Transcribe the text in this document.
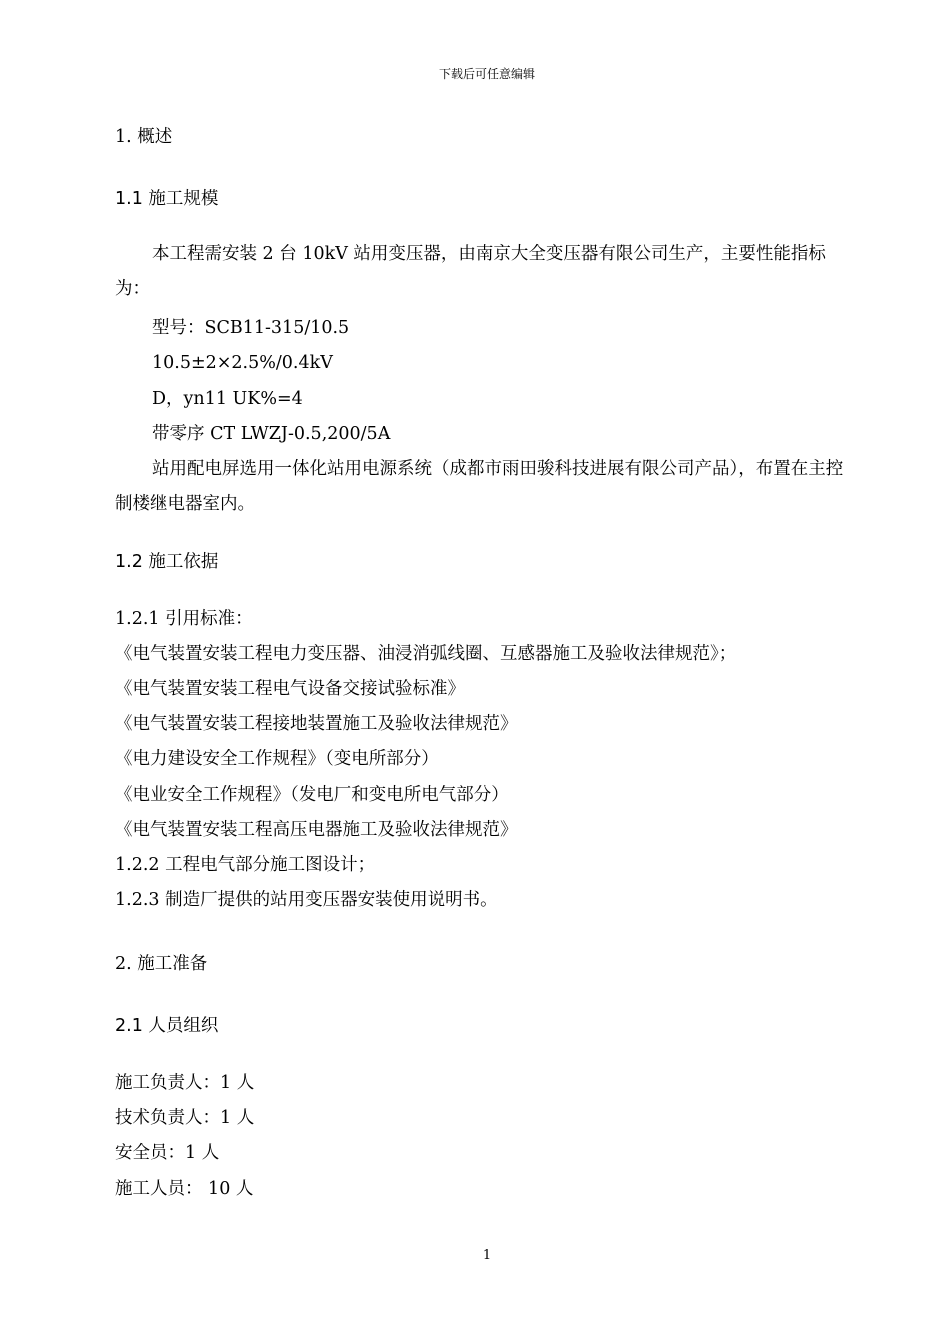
下载后可任意编辑
1. 概述
1.1 施工规模
本工程需安装 2 台 10kV 站用变压器，由南京大全变压器有限公司生产，主要性能指标为：
型号：SCB11-315/10.5
10.5±2×2.5%/0.4kV
D，yn11 UK%=4
带零序 CT LWZJ-0.5,200/5A
站用配电屏选用一体化站用电源系统（成都市雨田骏科技进展有限公司产品），布置在主控制楼继电器室内。
1.2 施工依据
1.2.1 引用标准：
《电气装置安装工程电力变压器、油浸消弧线圈、互感器施工及验收法律规范》；
《电气装置安装工程电气设备交接试验标准》
《电气装置安装工程接地装置施工及验收法律规范》
《电力建设安全工作规程》（变电所部分）
《电业安全工作规程》（发电厂和变电所电气部分）
《电气装置安装工程高压电器施工及验收法律规范》
1.2.2 工程电气部分施工图设计；
1.2.3 制造厂提供的站用变压器安装使用说明书。
2. 施工准备
2.1 人员组织
施工负责人：1 人
技术负责人：1 人
安全员：1 人
施工人员： 10 人
1
